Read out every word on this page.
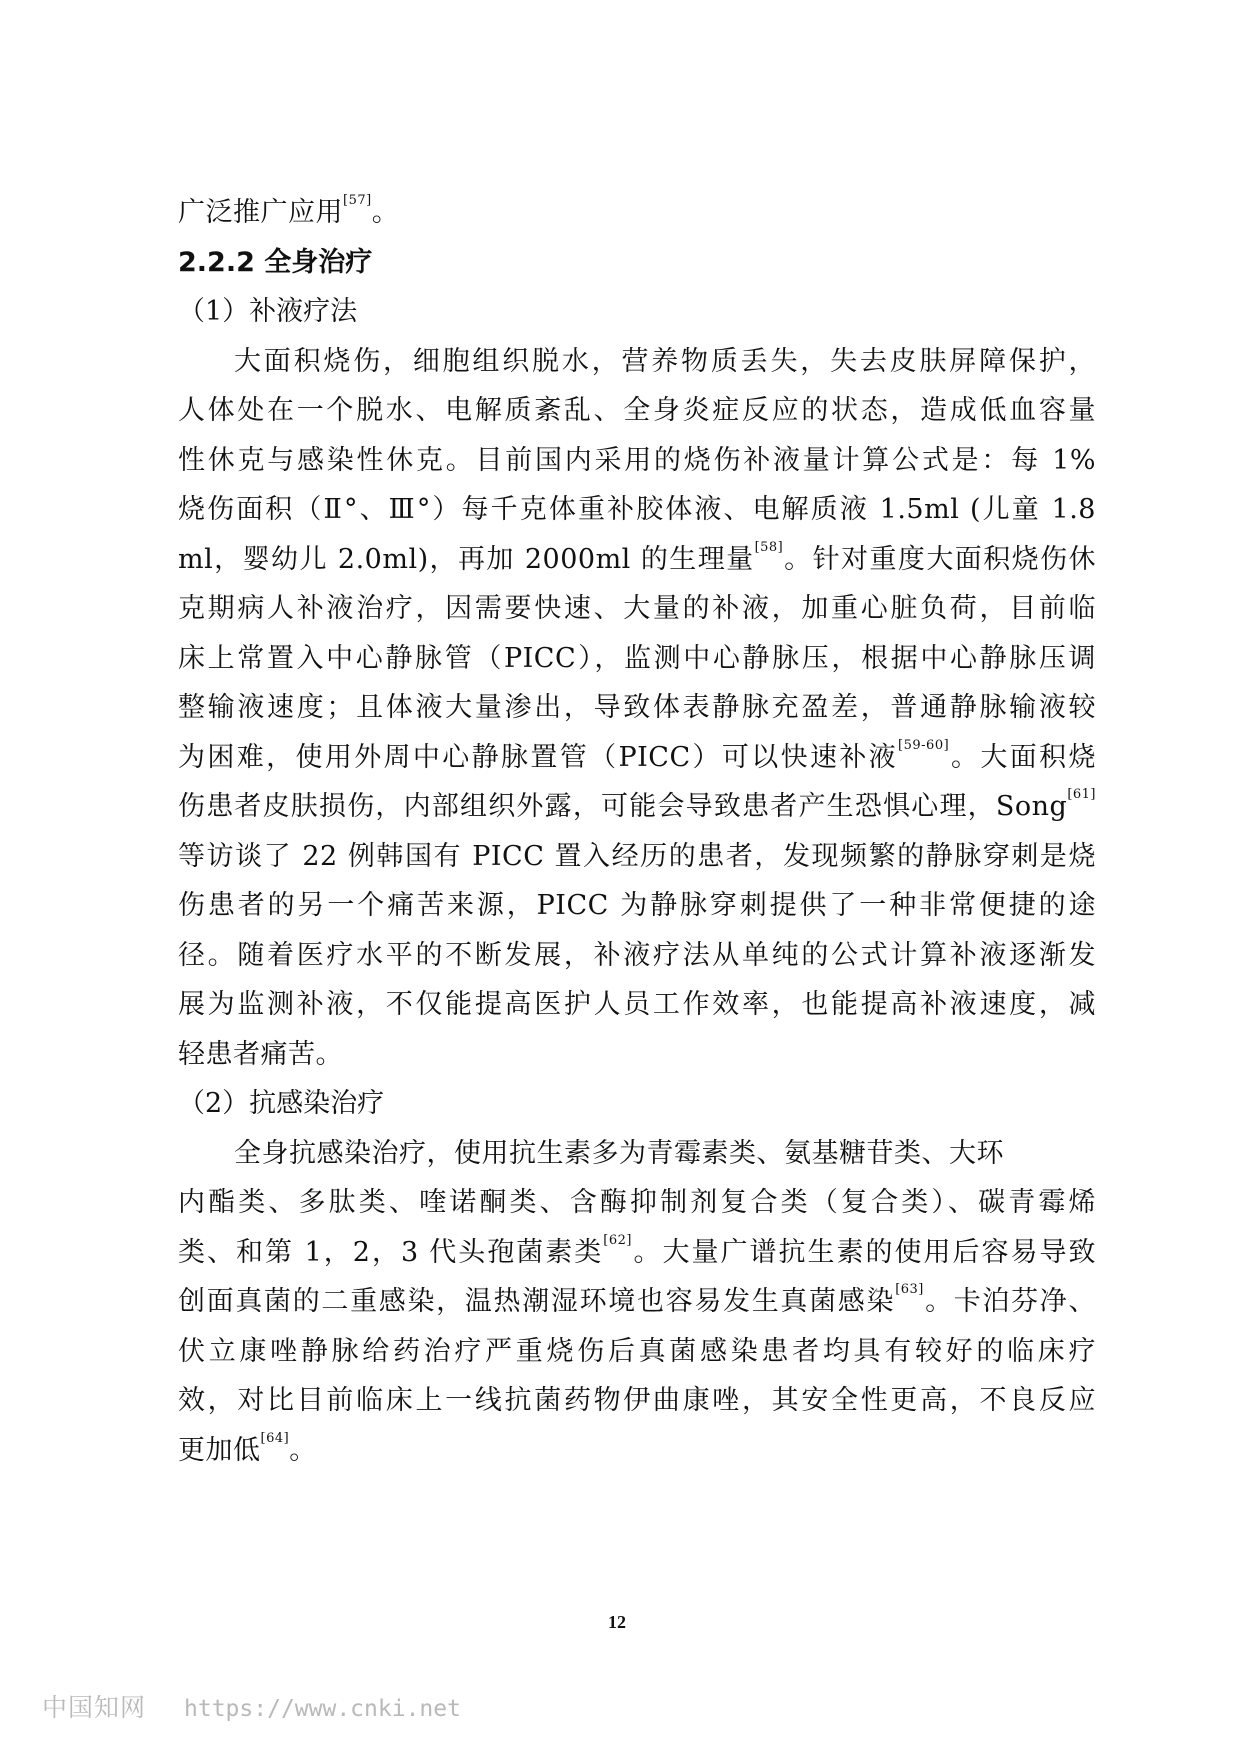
广泛推广应用[57]。
2.2.2 全身治疗
（1）补液疗法
大面积烧伤，细胞组织脱水，营养物质丢失，失去皮肤屏障保护，
人体处在一个脱水、电解质紊乱、全身炎症反应的状态，造成低血容量
性休克与感染性休克。目前国内采用的烧伤补液量计算公式是：每 1%
烧伤面积（Ⅱ°、Ⅲ°）每千克体重补胶体液、电解质液 1.5ml (儿童 1.8
ml，婴幼儿 2.0ml)，再加 2000ml 的生理量[58]。针对重度大面积烧伤休
克期病人补液治疗，因需要快速、大量的补液，加重心脏负荷，目前临
床上常置入中心静脉管（PICC），监测中心静脉压，根据中心静脉压调
整输液速度；且体液大量渗出，导致体表静脉充盈差，普通静脉输液较
为困难，使用外周中心静脉置管（PICC）可以快速补液[59-60]。大面积烧
伤患者皮肤损伤，内部组织外露，可能会导致患者产生恐惧心理，Song[61]
等访谈了 22 例韩国有 PICC 置入经历的患者，发现频繁的静脉穿刺是烧
伤患者的另一个痛苦来源，PICC 为静脉穿刺提供了一种非常便捷的途
径。随着医疗水平的不断发展，补液疗法从单纯的公式计算补液逐渐发
展为监测补液，不仅能提高医护人员工作效率，也能提高补液速度，减
轻患者痛苦。
（2）抗感染治疗
全身抗感染治疗，使用抗生素多为青霉素类、氨基糖苷类、大环
内酯类、多肽类、喹诺酮类、含酶抑制剂复合类（复合类）、碳青霉烯
类、和第 1，2，3 代头孢菌素类[62]。大量广谱抗生素的使用后容易导致
创面真菌的二重感染，温热潮湿环境也容易发生真菌感染[63]。卡泊芬净、
伏立康唑静脉给药治疗严重烧伤后真菌感染患者均具有较好的临床疗
效，对比目前临床上一线抗菌药物伊曲康唑，其安全性更高，不良反应
更加低[64]。
12
中国知网 https://www.cnki.net
